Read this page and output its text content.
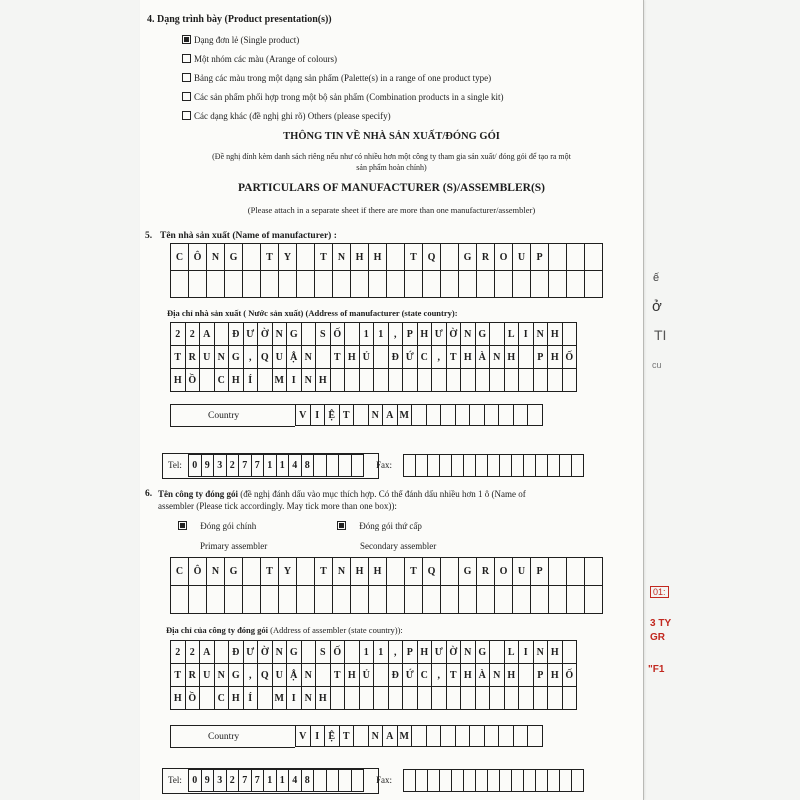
4. Dạng trình bày (Product presentation(s))
Dạng đơn lẻ (Single product)
Một nhóm các màu (Arange of colours)
Bảng các màu trong một dạng sản phẩm (Palette(s) in a range of one product type)
Các sản phẩm phối hợp trong một bộ sản phẩm (Combination products in a single kit)
Các dạng khác (đề nghị ghi rõ) Others (please specify)
THÔNG TIN VỀ NHÀ SẢN XUẤT/ĐÓNG GÓI
(Đề nghị đính kèm danh sách riêng nếu như có nhiều hơn một công ty tham gia sản xuất/ đóng gói để tạo ra một
sản phẩm hoàn chỉnh)
PARTICULARS OF MANUFACTURER (S)/ASSEMBLER(S)
(Please attach in a separate sheet if there are more than one manufacturer/assembler)
5. Tên nhà sản xuất (Name of manufacturer) :
C	Ô	N	G		T	Y		T	N	H	H		T	Q		G	R	O	U	P			

Địa chỉ nhà sản xuất ( Nước sản xuất) (Address of manufacturer (state country):
2	2	A		Đ	Ư	Ờ	N	G		S	Ố		1	1	,	P	H	Ư	Ờ	N	G		L	I	N	H	
T	R	U	N	G	,	Q	U	Ậ	N		T	H	Ủ		Đ	Ứ	C	,	T	H	À	N	H		P	H	Ố
H	Ồ		C	H	Í		M	I	N	H																	
Country	V	I	Ệ	T		N	A	M									
Tel: 0	9	3	2	7	7	1	1	4	8					Fax:

6. Tên công ty đóng gói (đề nghị đánh dấu vào mục thích hợp. Có thể đánh dấu nhiều hơn 1 ô (Name of
assembler (Please tick accordingly. May tick more than one box)):
Đóng gói chính
Primary assembler
Đóng gói thứ cấp
Secondary assembler
C	Ô	N	G		T	Y		T	N	H	H		T	Q		G	R	O	U	P			

Địa chỉ của công ty đóng gói (Address of assembler (state country)):
2	2	A		Đ	Ư	Ờ	N	G		S	Ố		1	1	,	P	H	Ư	Ờ	N	G		L	I	N	H	
T	R	U	N	G	,	Q	U	Ậ	N		T	H	Ủ		Đ	Ứ	C	,	T	H	À	N	H		P	H	Ố
H	Ồ		C	H	Í		M	I	N	H																	
Country	V	I	Ệ	T		N	A	M									
Tel: 0	9	3	2	7	7	1	1	4	8					Fax:

ế
ở
TI
cu
01:
3 TY
GR
"F1
